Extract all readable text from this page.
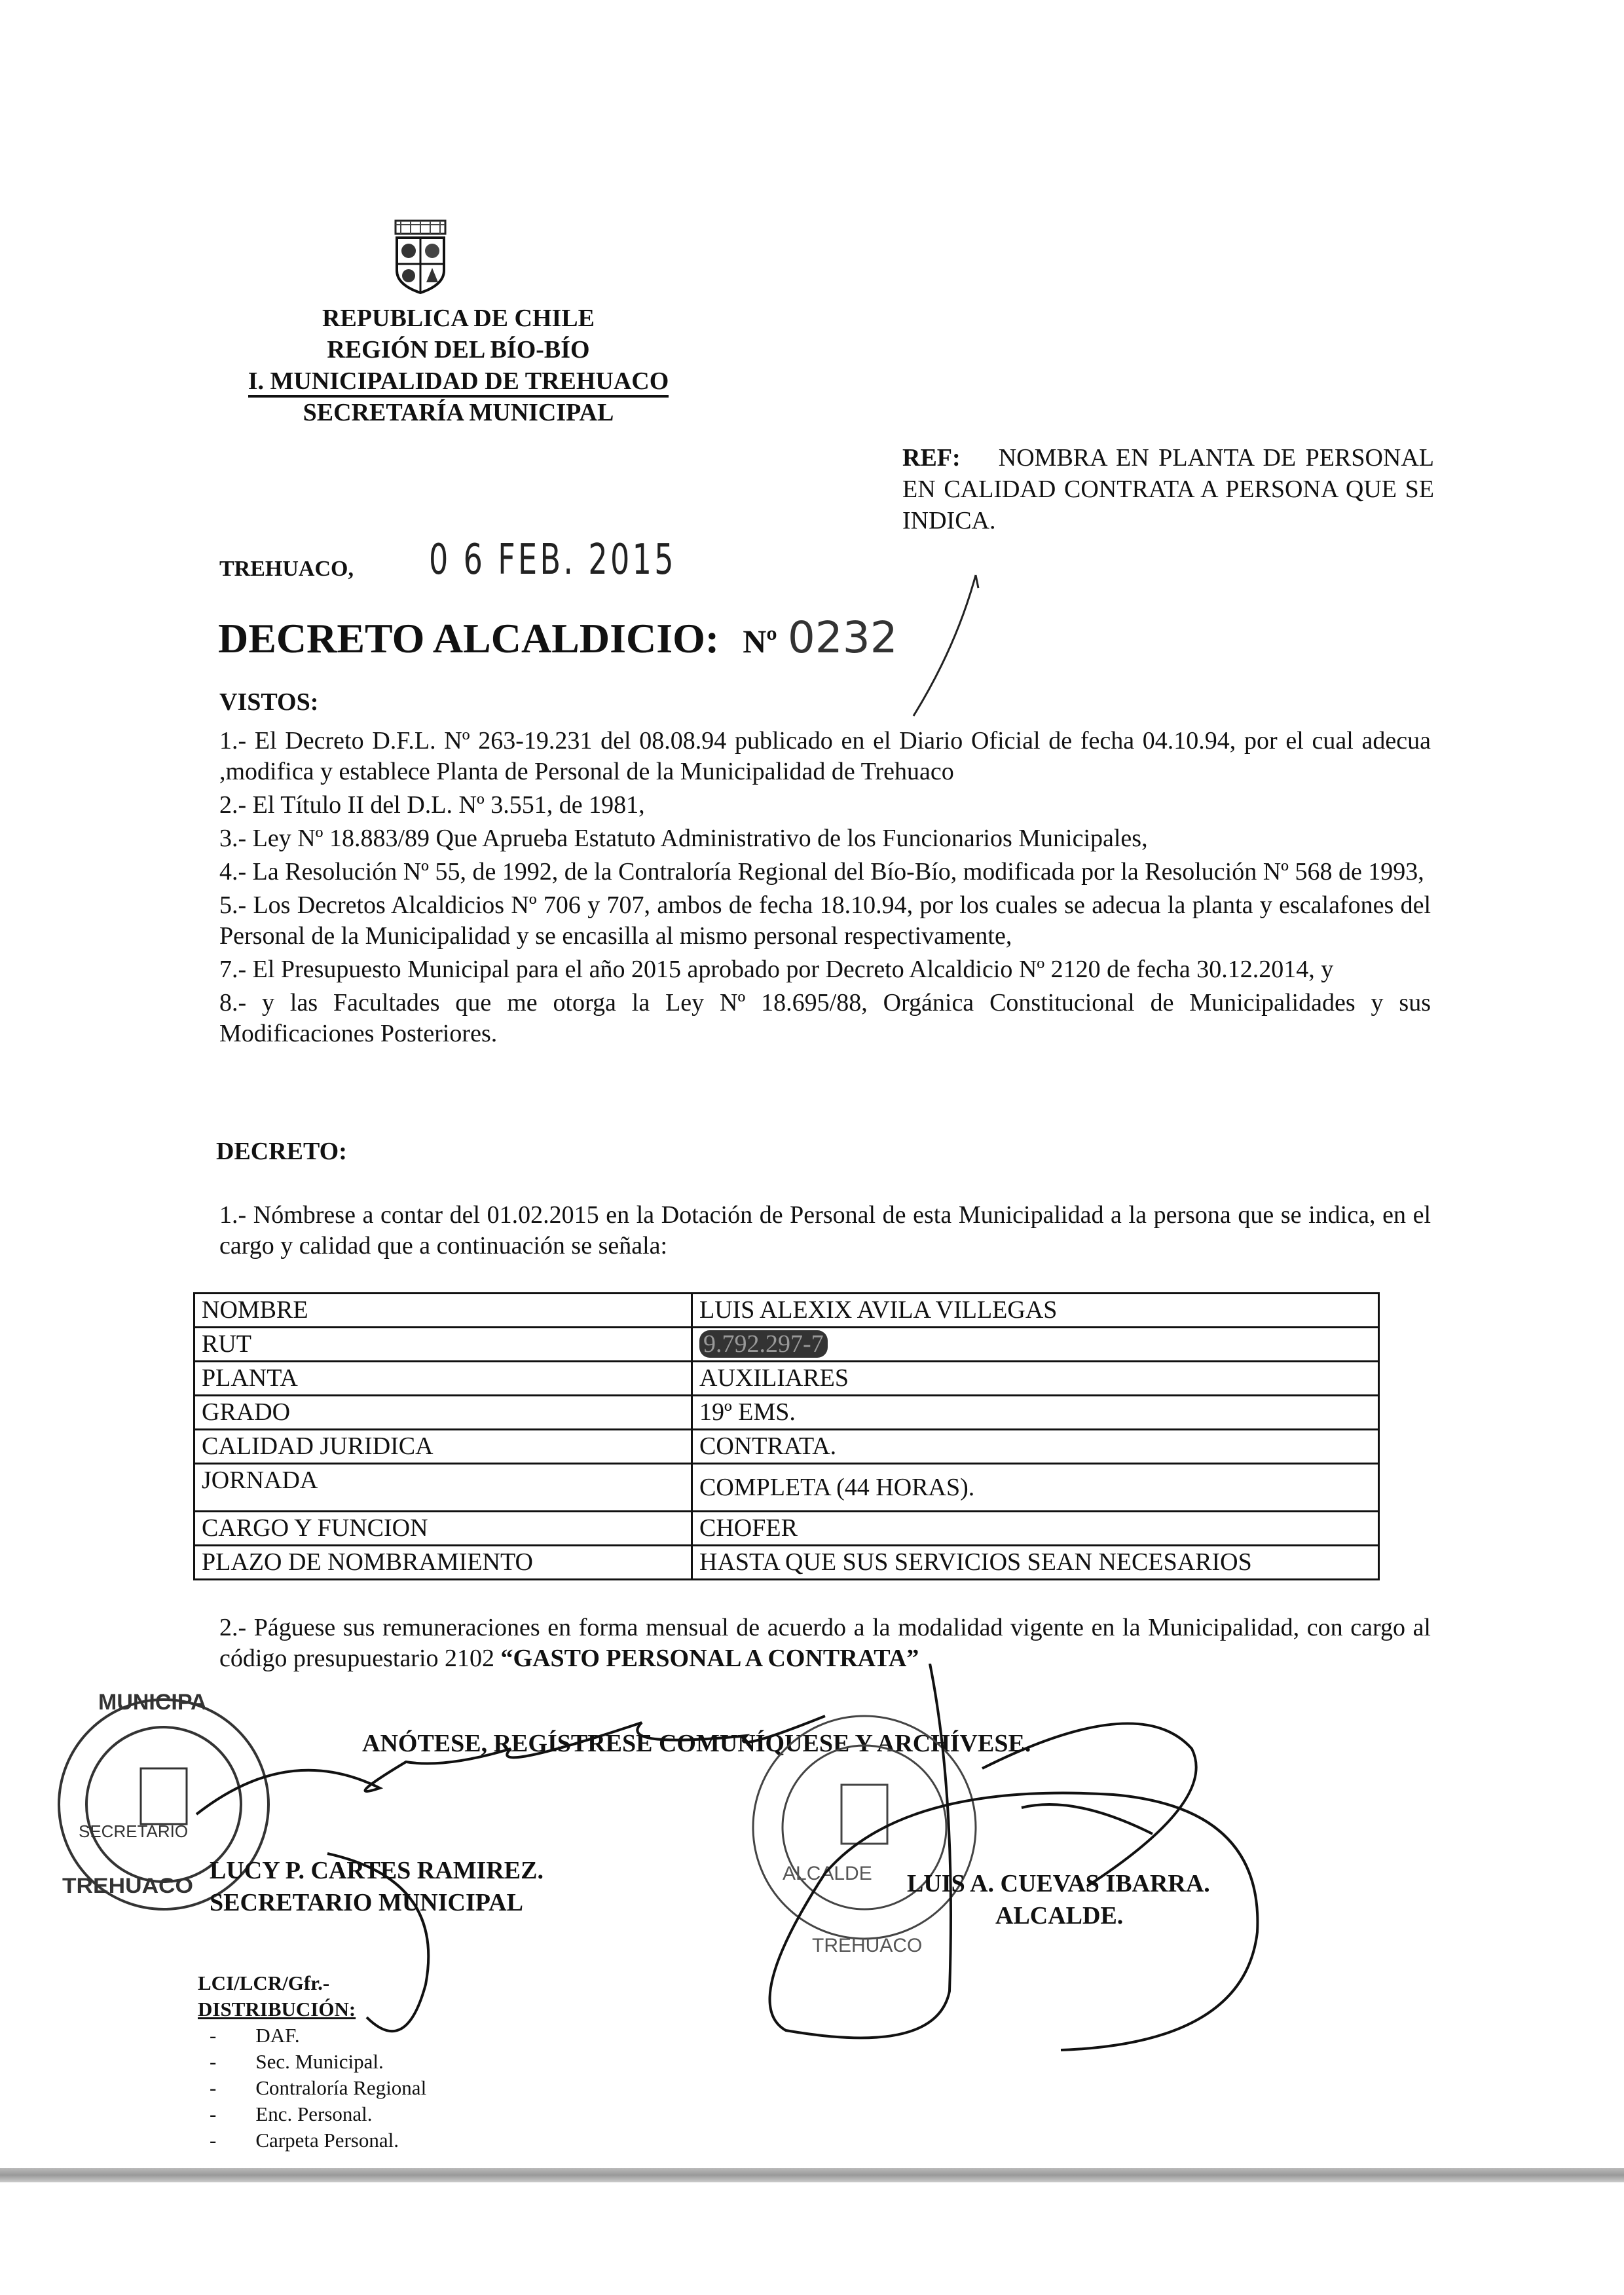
REPUBLICA DE CHILE
REGIÓN DEL BÍO-BÍO
I. MUNICIPALIDAD DE TREHUACO
SECRETARÍA MUNICIPAL
REF: NOMBRA EN PLANTA DE PERSONAL EN CALIDAD CONTRATA A PERSONA QUE SE INDICA.
TREHUACO, 0 6 FEB. 2015
DECRETO ALCALDICIO: Nº 0232
VISTOS:

1.- El Decreto D.F.L. Nº 263-19.231 del 08.08.94 publicado en el Diario Oficial de fecha 04.10.94, por el cual adecua ,modifica y establece Planta de Personal de la Municipalidad de Trehuaco

2.- El Título II del D.L. Nº 3.551, de 1981,

3.- Ley Nº 18.883/89 Que Aprueba Estatuto Administrativo de los Funcionarios Municipales,

4.- La Resolución Nº 55, de 1992, de la Contraloría Regional del Bío-Bío, modificada por la Resolución Nº 568 de 1993,

5.- Los Decretos Alcaldicios Nº 706 y 707, ambos de fecha 18.10.94, por los cuales se adecua la planta y escalafones del Personal de la Municipalidad y se encasilla al mismo personal respectivamente,

7.- El Presupuesto Municipal para el año 2015 aprobado por Decreto Alcaldicio Nº 2120 de fecha 30.12.2014, y

8.- y las Facultades que me otorga la Ley Nº 18.695/88, Orgánica Constitucional de Municipalidades y sus Modificaciones Posteriores.

DECRETO:
1.- Nómbrese a contar del 01.02.2015 en la Dotación de Personal de esta Municipalidad a la persona que se indica, en el cargo y calidad que a continuación se señala:
NOMBRE	LUIS ALEXIX AVILA VILLEGAS
RUT	9.792.297-7
PLANTA	AUXILIARES
GRADO	19º EMS.
CALIDAD JURIDICA	CONTRATA.
JORNADA	COMPLETA (44 HORAS).
CARGO Y FUNCION	CHOFER
PLAZO DE NOMBRAMIENTO	HASTA QUE SUS SERVICIOS SEAN NECESARIOS
2.- Páguese sus remuneraciones en forma mensual de acuerdo a la modalidad vigente en la Municipalidad, con cargo al código presupuestario 2102 “GASTO PERSONAL A CONTRATA”
ANÓTESE, REGÍSTRESE COMUNÍQUESE Y ARCHÍVESE.
MUNICIPA
SECRETARIO
TREHUACO
ALCALDE
TREHUACO
LUCY P. CARTES RAMIREZ.
SECRETARIO MUNICIPAL
LUIS A. CUEVAS IBARRA.
ALCALDE.
LCI/LCR/Gfr.-
DISTRIBUCIÓN:
- DAF.
- Sec. Municipal.
- Contraloría Regional
- Enc. Personal.
- Carpeta Personal.
